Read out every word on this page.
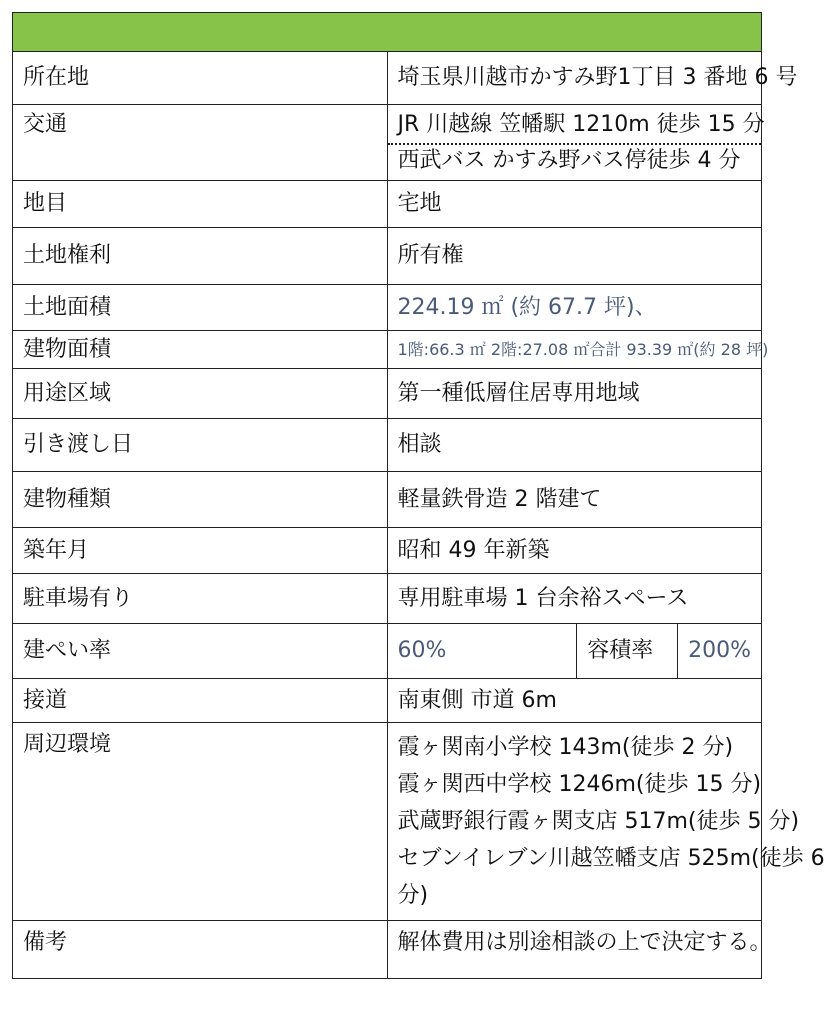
所在地	埼玉県川越市かすみ野1丁目 3 番地 6 号
交通	JR 川越線 笠幡駅 1210m 徒歩 15 分
西武バス かすみ野バス停徒歩 4 分

地目	宅地
土地権利	所有権
土地面積	224.19 ㎡ (約 67.7 坪)、
建物面積	1階:66.3 ㎡ 2階:27.08 ㎡合計 93.39 ㎡(約 28 坪)
用途区域	第一種低層住居専用地域
引き渡し日	相談
建物種類	軽量鉄骨造 2 階建て
築年月	昭和 49 年新築
駐車場有り	専用駐車場 1 台余裕スペース
建ぺい率	60% 容積率 200%

接道	南東側 市道 6m
周辺環境	霞ヶ関南小学校 143m(徒歩 2 分)
霞ヶ関西中学校 1246m(徒歩 15 分)
武蔵野銀行霞ヶ関支店 517m(徒歩 5 分)
セブンイレブン川越笠幡支店 525m(徒歩 6
分)

備考	解体費用は別途相談の上で決定する。
